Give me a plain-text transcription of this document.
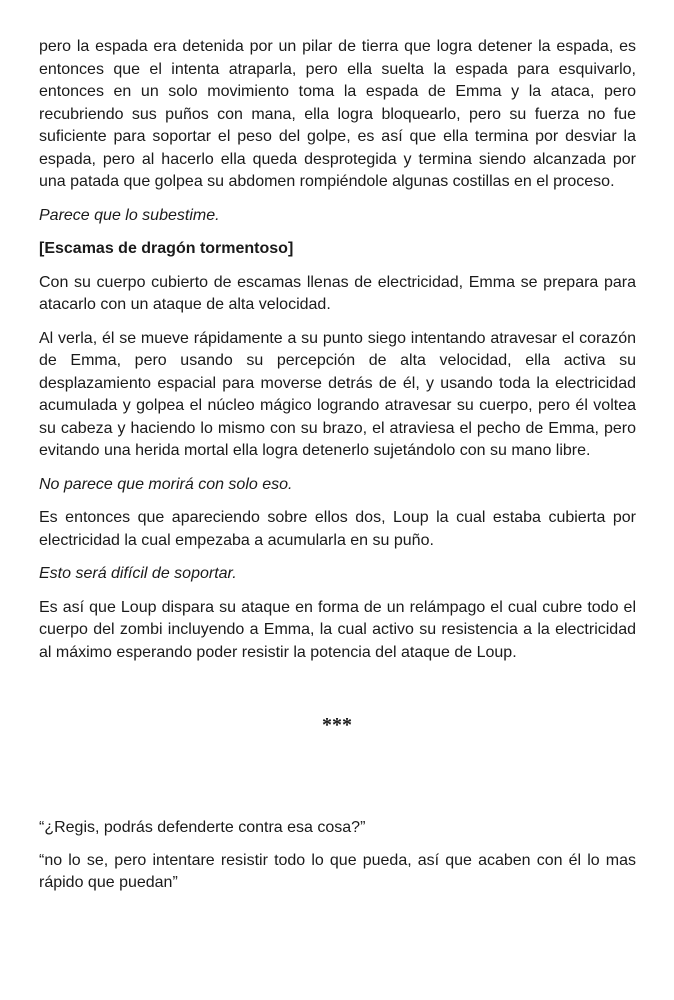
pero la espada era detenida por un pilar de tierra que logra detener la espada, es entonces que el intenta atraparla, pero ella suelta la espada para esquivarlo, entonces en un solo movimiento toma la espada de Emma y la ataca, pero recubriendo sus puños con mana, ella logra bloquearlo, pero su fuerza no fue suficiente para soportar el peso del golpe, es así que ella termina por desviar la espada, pero al hacerlo ella queda desprotegida y termina siendo alcanzada por una patada que golpea su abdomen rompiéndole algunas costillas en el proceso.

Parece que lo subestime.

[Escamas de dragón tormentoso]

Con su cuerpo cubierto de escamas llenas de electricidad, Emma se prepara para atacarlo con un ataque de alta velocidad.

Al verla, él se mueve rápidamente a su punto siego intentando atravesar el corazón de Emma, pero usando su percepción de alta velocidad, ella activa su desplazamiento espacial para moverse detrás de él, y usando toda la electricidad acumulada y golpea el núcleo mágico logrando atravesar su cuerpo, pero él voltea su cabeza y haciendo lo mismo con su brazo, el atraviesa el pecho de Emma, pero evitando una herida mortal ella logra detenerlo sujetándolo con su mano libre.

No parece que morirá con solo eso.

Es entonces que apareciendo sobre ellos dos, Loup la cual estaba cubierta por electricidad la cual empezaba a acumularla en su puño.

Esto será difícil de soportar.

Es así que Loup dispara su ataque en forma de un relámpago el cual cubre todo el cuerpo del zombi incluyendo a Emma, la cual activo su resistencia a la electricidad al máximo esperando poder resistir la potencia del ataque de Loup.

***

“¿Regis, podrás defenderte contra esa cosa?”

“no lo se, pero intentare resistir todo lo que pueda, así que acaben con él lo mas rápido que puedan”
